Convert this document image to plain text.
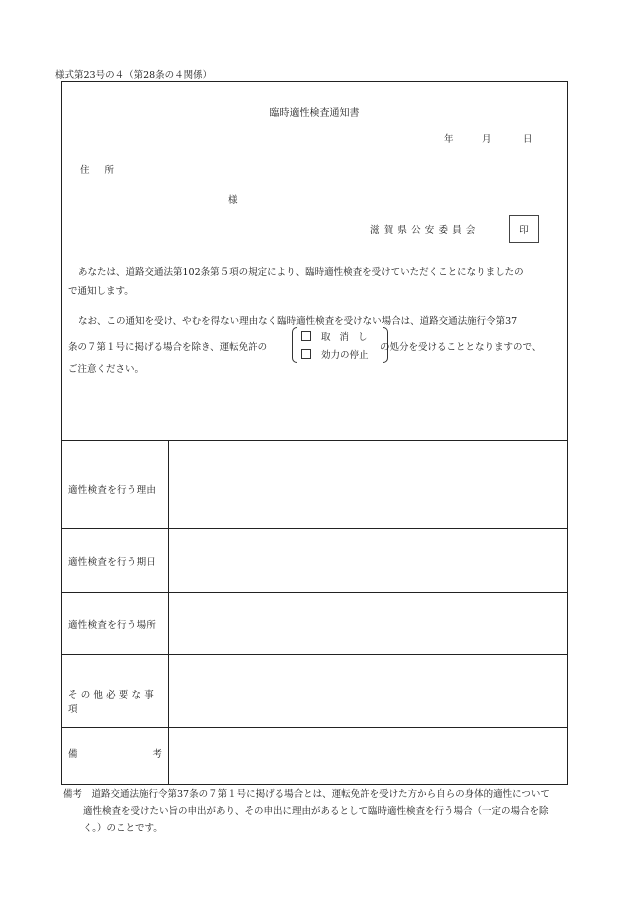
様式第23号の４（第28条の４関係）
臨時適性検査通知書
年	月	日
住 所
様
滋賀県公安委員会	印
あなたは、道路交通法第102条第５項の規定により、臨時適性検査を受けていただくことになりましたの
で通知します。
なお、この通知を受け、やむを得ない理由なく臨時適性検査を受けない場合は、道路交通法施行令第37
条の７第１号に掲げる場合を除き、運転免許の
取消し
効力の停止
の処分を受けることとなりますので、
ご注意ください。
適性検査を行う理由
適性検査を行う期日
適性検査を行う場所
その他必要な事項
備	考
備考　道路交通法施行令第37条の７第１号に掲げる場合とは、運転免許を受けた方から自らの身体的適性について
適性検査を受けたい旨の申出があり、その申出に理由があるとして臨時適性検査を行う場合（一定の場合を除
く。）のことです。
